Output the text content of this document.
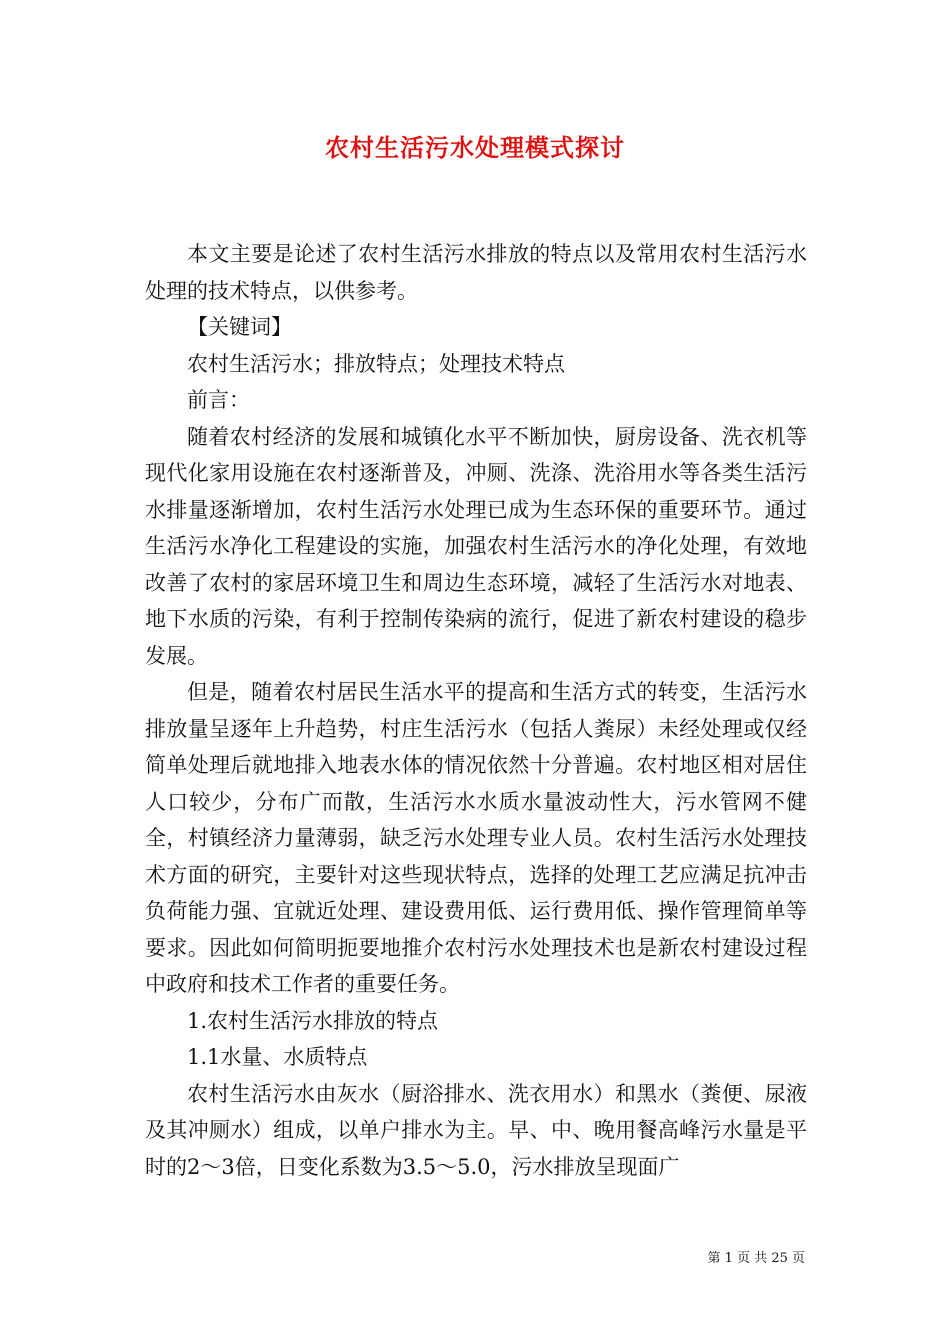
农村生活污水处理模式探讨

本文主要是论述了农村生活污水排放的特点以及常用农村生活污水处理的技术特点，以供参考。

【关键词】

农村生活污水；排放特点；处理技术特点

前言：

随着农村经济的发展和城镇化水平不断加快，厨房设备、洗衣机等现代化家用设施在农村逐渐普及，冲厕、洗涤、洗浴用水等各类生活污水排量逐渐增加，农村生活污水处理已成为生态环保的重要环节。通过生活污水净化工程建设的实施，加强农村生活污水的净化处理，有效地改善了农村的家居环境卫生和周边生态环境，减轻了生活污水对地表、地下水质的污染，有利于控制传染病的流行，促进了新农村建设的稳步发展。

但是，随着农村居民生活水平的提高和生活方式的转变，生活污水排放量呈逐年上升趋势，村庄生活污水（包括人粪尿）未经处理或仅经简单处理后就地排入地表水体的情况依然十分普遍。农村地区相对居住人口较少，分布广而散，生活污水水质水量波动性大，污水管网不健全，村镇经济力量薄弱，缺乏污水处理专业人员。农村生活污水处理技术方面的研究，主要针对这些现状特点，选择的处理工艺应满足抗冲击负荷能力强、宜就近处理、建设费用低、运行费用低、操作管理简单等要求。因此如何简明扼要地推介农村污水处理技术也是新农村建设过程中政府和技术工作者的重要任务。

1.农村生活污水排放的特点

1.1水量、水质特点

农村生活污水由灰水（厨浴排水、洗衣用水）和黑水（粪便、尿液及其冲厕水）组成，以单户排水为主。早、中、晚用餐高峰污水量是平时的2～3倍，日变化系数为3.5～5.0，污水排放呈现面广

第 1 页 共 25 页
